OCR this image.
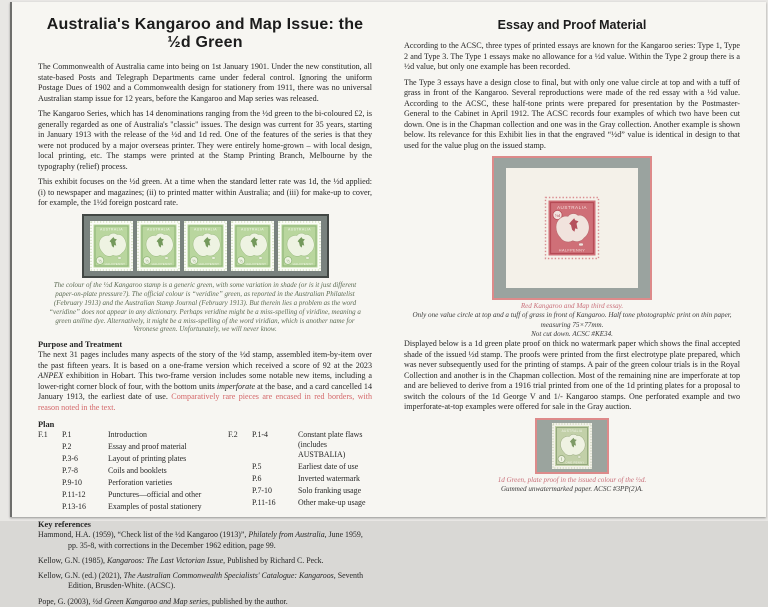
Australia's Kangaroo and Map Issue: the ½d Green

The Commonwealth of Australia came into being on 1st January 1901. Under the new constitution, all state-based Posts and Telegraph Departments came under federal control. Ignoring the uniform Postage Dues of 1902 and a Commonwealth design for stationery from 1911, there was no universal Australian stamp issue for 12 years, before the Kangaroo and Map series was released.

The Kangaroo Series, which has 14 denominations ranging from the ½d green to the bi-coloured £2, is generally regarded as one of Australia's "classic" issues. The design was current for 35 years, starting in January 1913 with the release of the ½d and 1d red. One of the features of the series is that they were not produced by a major overseas printer. They were entirely home-grown – with local design, local printing, etc. The stamps were printed at the Stamp Printing Branch, Melbourne by the typography (relief) process.

This exhibit focuses on the ½d green. At a time when the standard letter rate was 1d, the ½d applied: (i) to newspaper and magazines; (ii) to printed matter within Australia; and (iii) for make-up to cover, for example, the 1½d foreign postcard rate.

AUSTRALIA
½
HALFPENNY
AUSTRALIA
½
HALFPENNY
AUSTRALIA
½
HALFPENNY
AUSTRALIA
½
HALFPENNY
AUSTRALIA
½
HALFPENNY

The colour of the ½d Kangaroo stamp is a generic green, with some variation in shade (or is it just different paper-on-plate pressure?). The official colour is “veridine” green, as reported in the Australian Philatelist (February 1913) and the Australian Stamp Journal (February 1913). But therein lies a problem as the word “veridine” does not appear in any dictionary. Perhaps veridine might be a miss-spelling of viridine, meaning a green aniline dye. Alternatively, it might be a miss-spelling of the word viridian, which is another name for Veronese green. Unfortunately, we will never know.

Purpose and Treatment

The next 31 pages includes many aspects of the story of the ½d stamp, assembled item-by-item over the past fifteen years. It is based on a one-frame version which received a score of 92 at the 2023 ANPEX exhibition in Hobart. This two-frame version includes some notable new items, including a lower-right corner block of four, with the bottom units imperforate at the base, and a card cancelled 14 January 1913, the earliest date of use. Comparatively rare pieces are encased in red borders, with reason noted in the text.

Plan
F.1	P.1	Introduction
P.2	Essay and proof material
P.3-6	Layout of printing plates
P.7-8	Coils and booklets
P.9-10	Perforation varieties
P.11-12	Punctures—official and other
P.13-16	Examples of postal stationery
F.2	P.1-4	Constant plate flaws (includes AUSTBALIA)
P.5	Earliest date of use
P.6	Inverted watermark
P.7-10	Solo franking usage
P.11-16	Other make-up usage
Key references

Hammond, H.A. (1959), “Check list of the ½d Kangaroo (1913)”, Philately from Australia, June 1959, pp. 35-8, with corrections in the December 1962 edition, page 99.

Kellow, G.N. (1985), Kangaroos: The Last Victorian Issue, Published by Richard C. Peck.

Kellow, G.N. (ed.) (2021), The Australian Commonwealth Specialists' Catalogue: Kangaroos, Seventh Edition, Brusden-White. (ACSC).

Pope, G. (2003), ½d Green Kangaroo and Map series, published by the author.

Essay and Proof Material

According to the ACSC, three types of printed essays are known for the Kangaroo series: Type 1, Type 2 and Type 3. The Type 1 essays make no allowance for a ½d value. Within the Type 2 group there is a ½d value, but only one example has been recorded.

The Type 3 essays have a design close to final, but with only one value circle at top and with a tuff of grass in front of the Kangaroo. Several reproductions were made of the red essay with a ½d value. According to the ACSC, these half-tone prints were prepared for presentation by the Postmaster-General to the Cabinet in April 1912. The ACSC records four examples of which two have been cut down. One is in the Chapman collection and one was in the Gray collection. Another example is shown below. Its relevance for this Exhibit lies in that the engraved “½d” value is identical in design to that used for the value plug on the issued stamp.

AUSTRALIA
½d
HALFPENNY

Red Kangaroo and Map third essay.

Only one value circle at top and a tuff of grass in front of Kangaroo. Half tone photographic print on thin paper, measuring 75×77mm.

Not cut down. ACSC #KE34.

Displayed below is a 1d green plate proof on thick no watermark paper which shows the final accepted shade of the issued ½d stamp. The proofs were printed from the first electrotype plate prepared, which was never subsequently used for the printing of stamps. A pair of the green colour trials is in the Royal Collection and another is in the Chapman collection. Most of the remaining nine are imperforate at top and are believed to derive from a 1916 trial printed from one of the 1d printing plates for a proposal to switch the colours of the 1d George V and 1/- Kangaroo stamps. One perforated example and two imperforate-at-top examples were offered for sale in the Gray auction.

AUSTRALIA
1
ONE PENNY

1d Green, plate proof in the issued colour of the ½d.

Gummed unwatermarked paper. ACSC #3PP(2)A.
